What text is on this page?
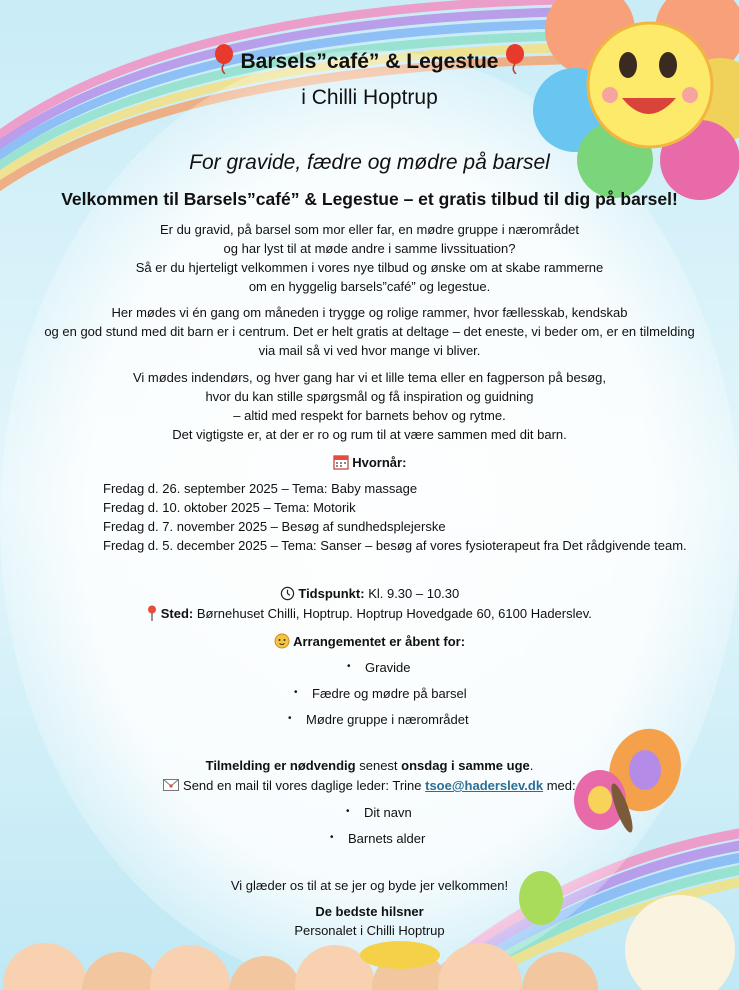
Barsels”café” & Legestue
i Chilli Hoptrup
For gravide, fædre og mødre på barsel
Velkommen til Barsels”café” & Legestue – et gratis tilbud til dig på barsel!
Er du gravid, på barsel som mor eller far, en mødre gruppe i nærområdet
og har lyst til at møde andre i samme livssituation?
Så er du hjerteligt velkommen i vores nye tilbud og ønske om at skabe rammerne
om en hyggelig barsels”café” og legestue.
Her mødes vi én gang om måneden i trygge og rolige rammer, hvor fællesskab, kendskab
og en god stund med dit barn er i centrum. Det er helt gratis at deltage – det eneste, vi beder om, er en tilmelding
via mail så vi ved hvor mange vi bliver.
Vi mødes indendørs, og hver gang har vi et lille tema eller en fagperson på besøg,
hvor du kan stille spørgsmål og få inspiration og guidning
– altid med respekt for barnets behov og rytme.
Det vigtigste er, at der er ro og rum til at være sammen med dit barn.
Hvornår:
Fredag d. 26. september 2025 – Tema: Baby massage
Fredag d. 10. oktober 2025 – Tema: Motorik
Fredag d. 7. november 2025 – Besøg af sundhedsplejerske
Fredag d. 5. december 2025 – Tema: Sanser – besøg af vores fysioterapeut fra Det rådgivende team.
Tidspunkt: Kl. 9.30 – 10.30
Sted: Børnehuset Chilli, Hoptrup. Hoptrup Hovedgade 60, 6100 Haderslev.
Arrangementet er åbent for:
• Gravide
• Fædre og mødre på barsel
• Mødre gruppe i nærområdet
Tilmelding er nødvendig senest onsdag i samme uge.
Send en mail til vores daglige leder: Trine tsoe@haderslev.dk med:
• Dit navn
• Barnets alder
Vi glæder os til at se jer og byde jer velkommen!
De bedste hilsner
Personalet i Chilli Hoptrup
